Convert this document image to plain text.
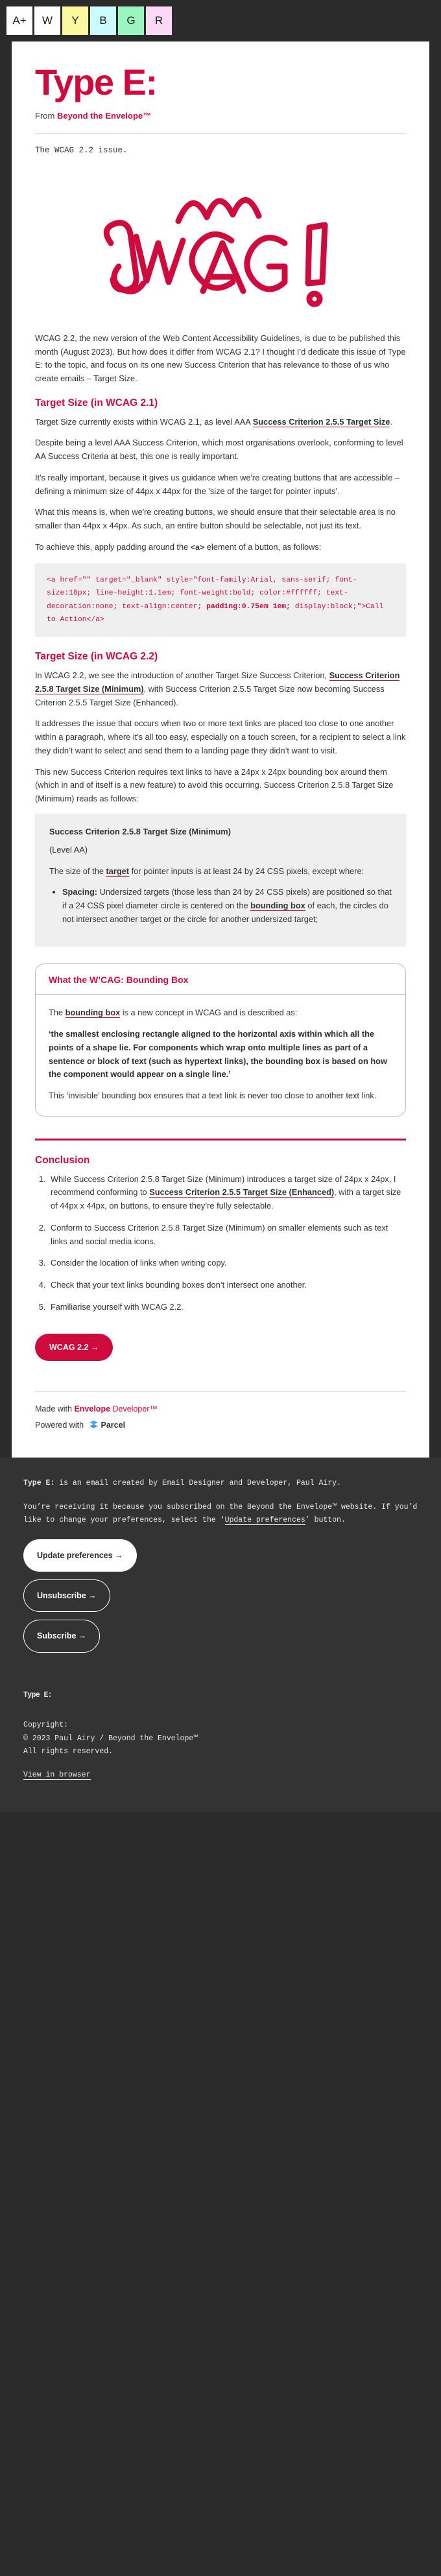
A+	W	Y	B	G	R
Type E:
From Beyond the Envelope™
The WCAG 2.2 issue.

WCAG 2.2, the new version of the Web Content Accessibility Guidelines, is due to be published this month (August 2023). But how does it differ from WCAG 2.1? I thought I’d dedicate this issue of Type E: to the topic, and focus on its one new Success Criterion that has relevance to those of us who create emails – Target Size.

Target Size (in WCAG 2.1)

Target Size currently exists within WCAG 2.1, as level AAA Success Criterion 2.5.5 Target Size.

Despite being a level AAA Success Criterion, which most organisations overlook, conforming to level AA Success Criteria at best, this one is really important.

It's really important, because it gives us guidance when we're creating buttons that are accessible – defining a minimum size of 44px x 44px for the 'size of the target for pointer inputs’.

What this means is, when we're creating buttons, we should ensure that their selectable area is no smaller than 44px x 44px. As such, an entire button should be selectable, not just its text.

To achieve this, apply padding around the <a> element of a button, as follows:

<a href="" target="_blank" style="font-family:Arial, sans-serif; font-size:18px; line-height:1.1em; font-weight:bold; color:#ffffff; text-decoration:none; text-align:center; padding:0.75em 1em; display:block;">Call to Action</a>
Target Size (in WCAG 2.2)

In WCAG 2.2, we see the introduction of another Target Size Success Criterion, Success Criterion 2.5.8 Target Size (Minimum), with Success Criterion 2.5.5 Target Size now becoming Success Criterion 2.5.5 Target Size (Enhanced).

It addresses the issue that occurs when two or more text links are placed too close to one another within a paragraph, where it's all too easy, especially on a touch screen, for a recipient to select a link they didn’t want to select and send them to a landing page they didn’t want to visit.

This new Success Criterion requires text links to have a 24px x 24px bounding box around them (which in and of itself is a new feature) to avoid this occurring. Success Criterion 2.5.8 Target Size (Minimum) reads as follows:

Success Criterion 2.5.8 Target Size (Minimum)

(Level AA)

The size of the target for pointer inputs is at least 24 by 24 CSS pixels, except where:

• Spacing: Undersized targets (those less than 24 by 24 CSS pixels) are positioned so that if a 24 CSS pixel diameter circle is centered on the bounding box of each, the circles do not intersect another target or the circle for another undersized target;
What the W’CAG: Bounding Box

The bounding box is a new concept in WCAG and is described as:

‘the smallest enclosing rectangle aligned to the horizontal axis within which all the points of a shape lie. For components which wrap onto multiple lines as part of a sentence or block of text (such as hypertext links), the bounding box is based on how the component would appear on a single line.’

This ‘invisible’ bounding box ensures that a text link is never too close to another text link.

Conclusion
1. While Success Criterion 2.5.8 Target Size (Minimum) introduces a target size of 24px x 24px, I recommend conforming to Success Criterion 2.5.5 Target Size (Enhanced), with a target size of 44px x 44px, on buttons, to ensure they’re fully selectable.
2. Conform to Success Criterion 2.5.8 Target Size (Minimum) on smaller elements such as text links and social media icons.
3. Consider the location of links when writing copy.
4. Check that your text links bounding boxes don’t intersect one another.
5. Familiarise yourself with WCAG 2.2.
WCAG 2.2 →
Made with Envelope Developer™
Powered with Parcel

Type E: is an email created by Email Designer and Developer, Paul Airy.

You’re receiving it because you subscribed on the Beyond the Envelope™ website. If you’d like to change your preferences, select the ‘Update preferences’ button.

Update preferences →
Unsubscribe →
Subscribe →
Type E:

Copyright:

© 2023 Paul Airy / Beyond the Envelope™

All rights reserved.

View in browser
